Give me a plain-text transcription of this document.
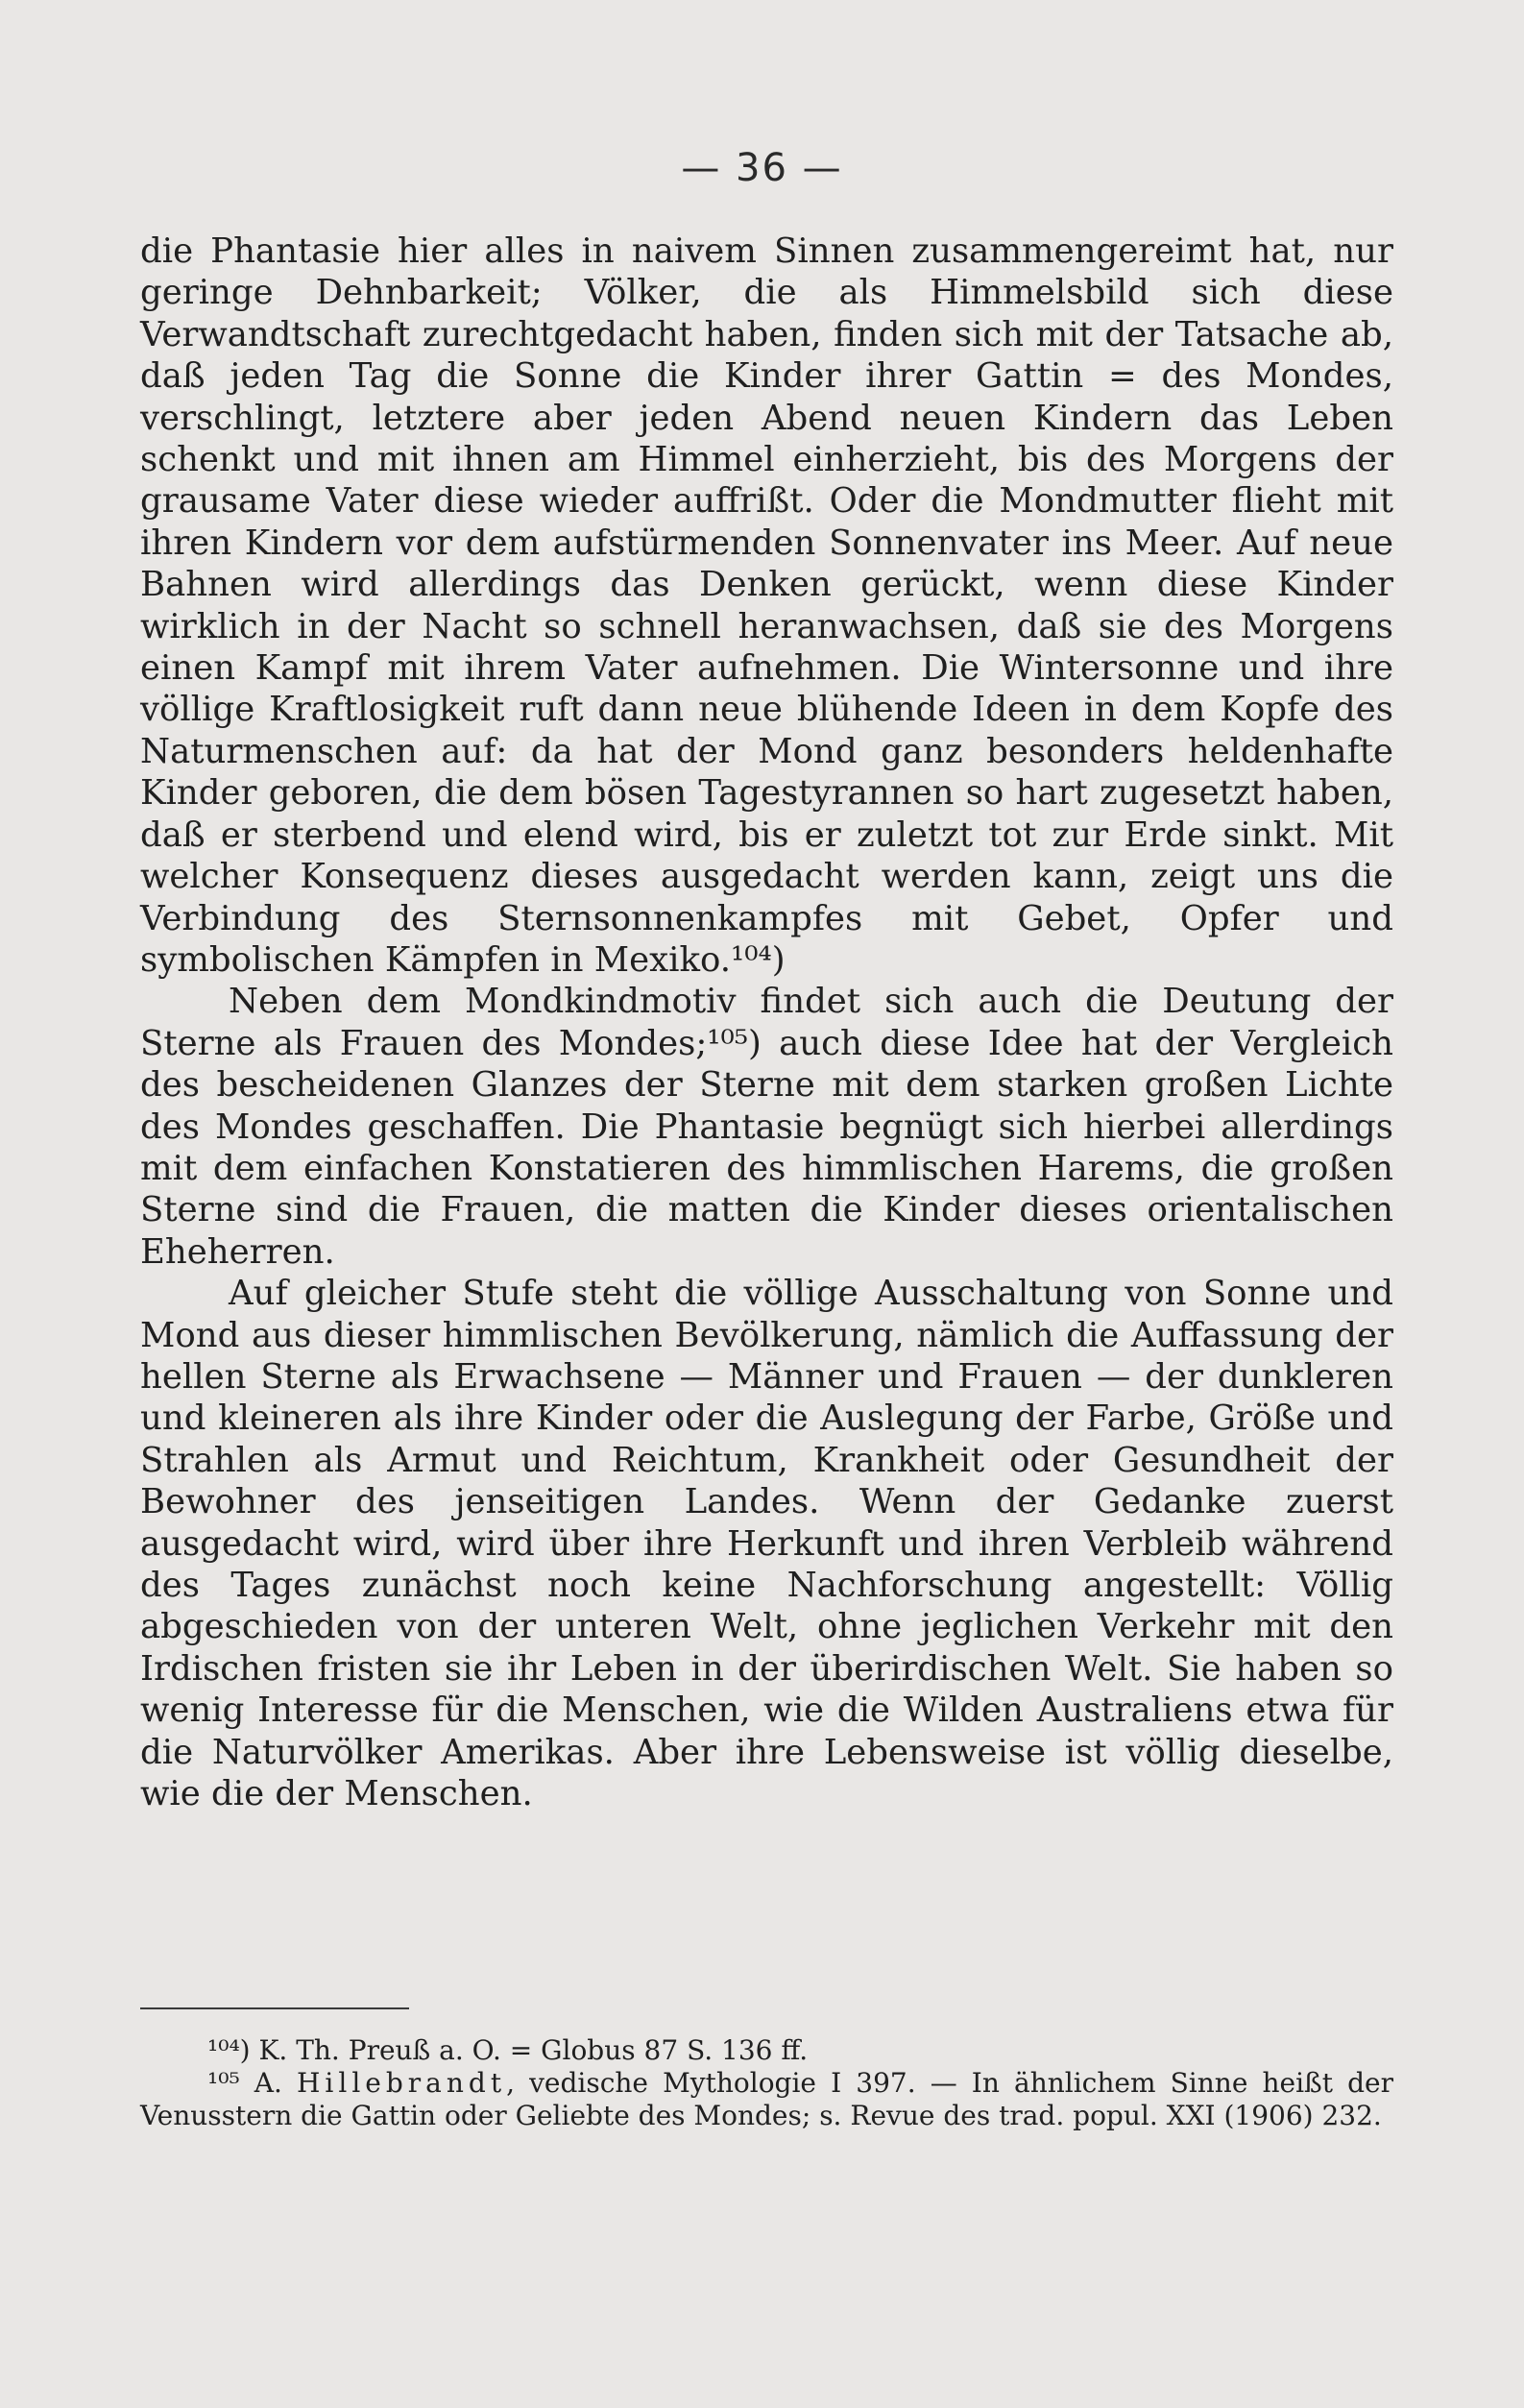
— 36 —

die Phantasie hier alles in naivem Sinnen zusammengereimt hat, nur geringe Dehnbarkeit; Völker, die als Himmelsbild sich diese Verwandtschaft zurechtgedacht haben, finden sich mit der Tatsache ab, daß jeden Tag die Sonne die Kinder ihrer Gattin = des Mondes, verschlingt, letztere aber jeden Abend neuen Kindern das Leben schenkt und mit ihnen am Himmel einherzieht, bis des Morgens der grausame Vater diese wieder auffrißt. Oder die Mondmutter flieht mit ihren Kindern vor dem aufstürmenden Sonnenvater ins Meer. Auf neue Bahnen wird allerdings das Denken gerückt, wenn diese Kinder wirklich in der Nacht so schnell heranwachsen, daß sie des Morgens einen Kampf mit ihrem Vater aufnehmen. Die Wintersonne und ihre völlige Kraftlosigkeit ruft dann neue blühende Ideen in dem Kopfe des Naturmenschen auf: da hat der Mond ganz besonders heldenhafte Kinder geboren, die dem bösen Tagestyrannen so hart zugesetzt haben, daß er sterbend und elend wird, bis er zuletzt tot zur Erde sinkt. Mit welcher Konsequenz dieses ausgedacht werden kann, zeigt uns die Verbindung des Sternsonnenkampfes mit Gebet, Opfer und symbolischen Kämpfen in Mexiko.¹⁰⁴)

Neben dem Mondkindmotiv findet sich auch die Deutung der Sterne als Frauen des Mondes;¹⁰⁵) auch diese Idee hat der Vergleich des bescheidenen Glanzes der Sterne mit dem starken großen Lichte des Mondes geschaffen. Die Phantasie begnügt sich hierbei allerdings mit dem einfachen Konstatieren des himmlischen Harems, die großen Sterne sind die Frauen, die matten die Kinder dieses orientalischen Eheherren.

Auf gleicher Stufe steht die völlige Ausschaltung von Sonne und Mond aus dieser himmlischen Bevölkerung, nämlich die Auffassung der hellen Sterne als Erwachsene — Männer und Frauen — der dunkleren und kleineren als ihre Kinder oder die Auslegung der Farbe, Größe und Strahlen als Armut und Reichtum, Krankheit oder Gesundheit der Bewohner des jenseitigen Landes. Wenn der Gedanke zuerst ausgedacht wird, wird über ihre Herkunft und ihren Verbleib während des Tages zunächst noch keine Nachforschung angestellt: Völlig abgeschieden von der unteren Welt, ohne jeglichen Verkehr mit den Irdischen fristen sie ihr Leben in der überirdischen Welt. Sie haben so wenig Interesse für die Menschen, wie die Wilden Australiens etwa für die Naturvölker Amerikas. Aber ihre Lebensweise ist völlig dieselbe, wie die der Menschen.

¹⁰⁴) K. Th. Preuß a. O. = Globus 87 S. 136 ff.

¹⁰⁵ A. Hillebrandt, vedische Mythologie I 397. — In ähnlichem Sinne heißt der Venusstern die Gattin oder Geliebte des Mondes; s. Revue des trad. popul. XXI (1906) 232.
